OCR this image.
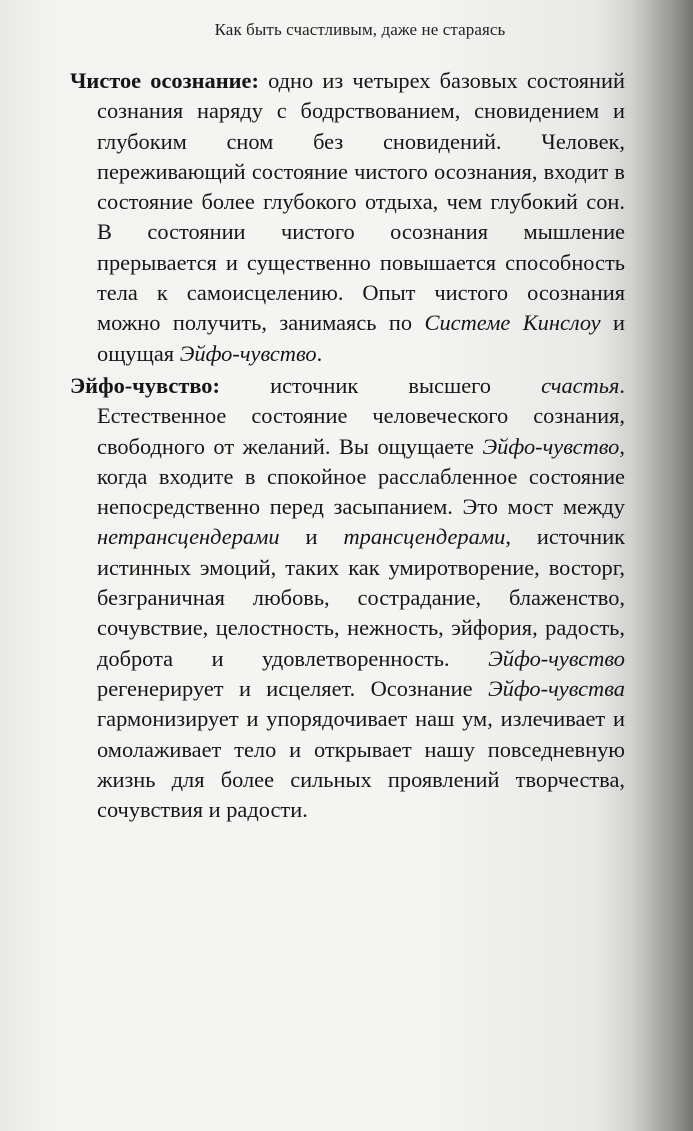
Как быть счастливым, даже не стараясь

Чистое осознание: одно из четырех базовых состояний сознания наряду с бодрствованием, сновидением и глубоким сном без сновидений. Человек, переживающий состояние чистого осознания, входит в состояние более глубокого отдыха, чем глубокий сон. В состоянии чистого осознания мышление прерывается и существенно повышается способность тела к самоисцелению. Опыт чистого осознания можно получить, занимаясь по Системе Кинслоу и ощущая Эйфо-чувство.

Эйфо-чувство: источник высшего счастья. Естественное состояние человеческого сознания, свободного от желаний. Вы ощущаете Эйфо-чувство, когда входите в спокойное расслабленное состояние непосредственно перед засыпанием. Это мост между нетрансцендерами и трансцендерами, источник истинных эмоций, таких как умиротворение, восторг, безграничная любовь, сострадание, блаженство, сочувствие, целостность, нежность, эйфория, радость, доброта и удовлетворенность. Эйфо-чувство регенерирует и исцеляет. Осознание Эйфо-чувства гармонизирует и упорядочивает наш ум, излечивает и омолаживает тело и открывает нашу повседневную жизнь для более сильных проявлений творчества, сочувствия и радости.
